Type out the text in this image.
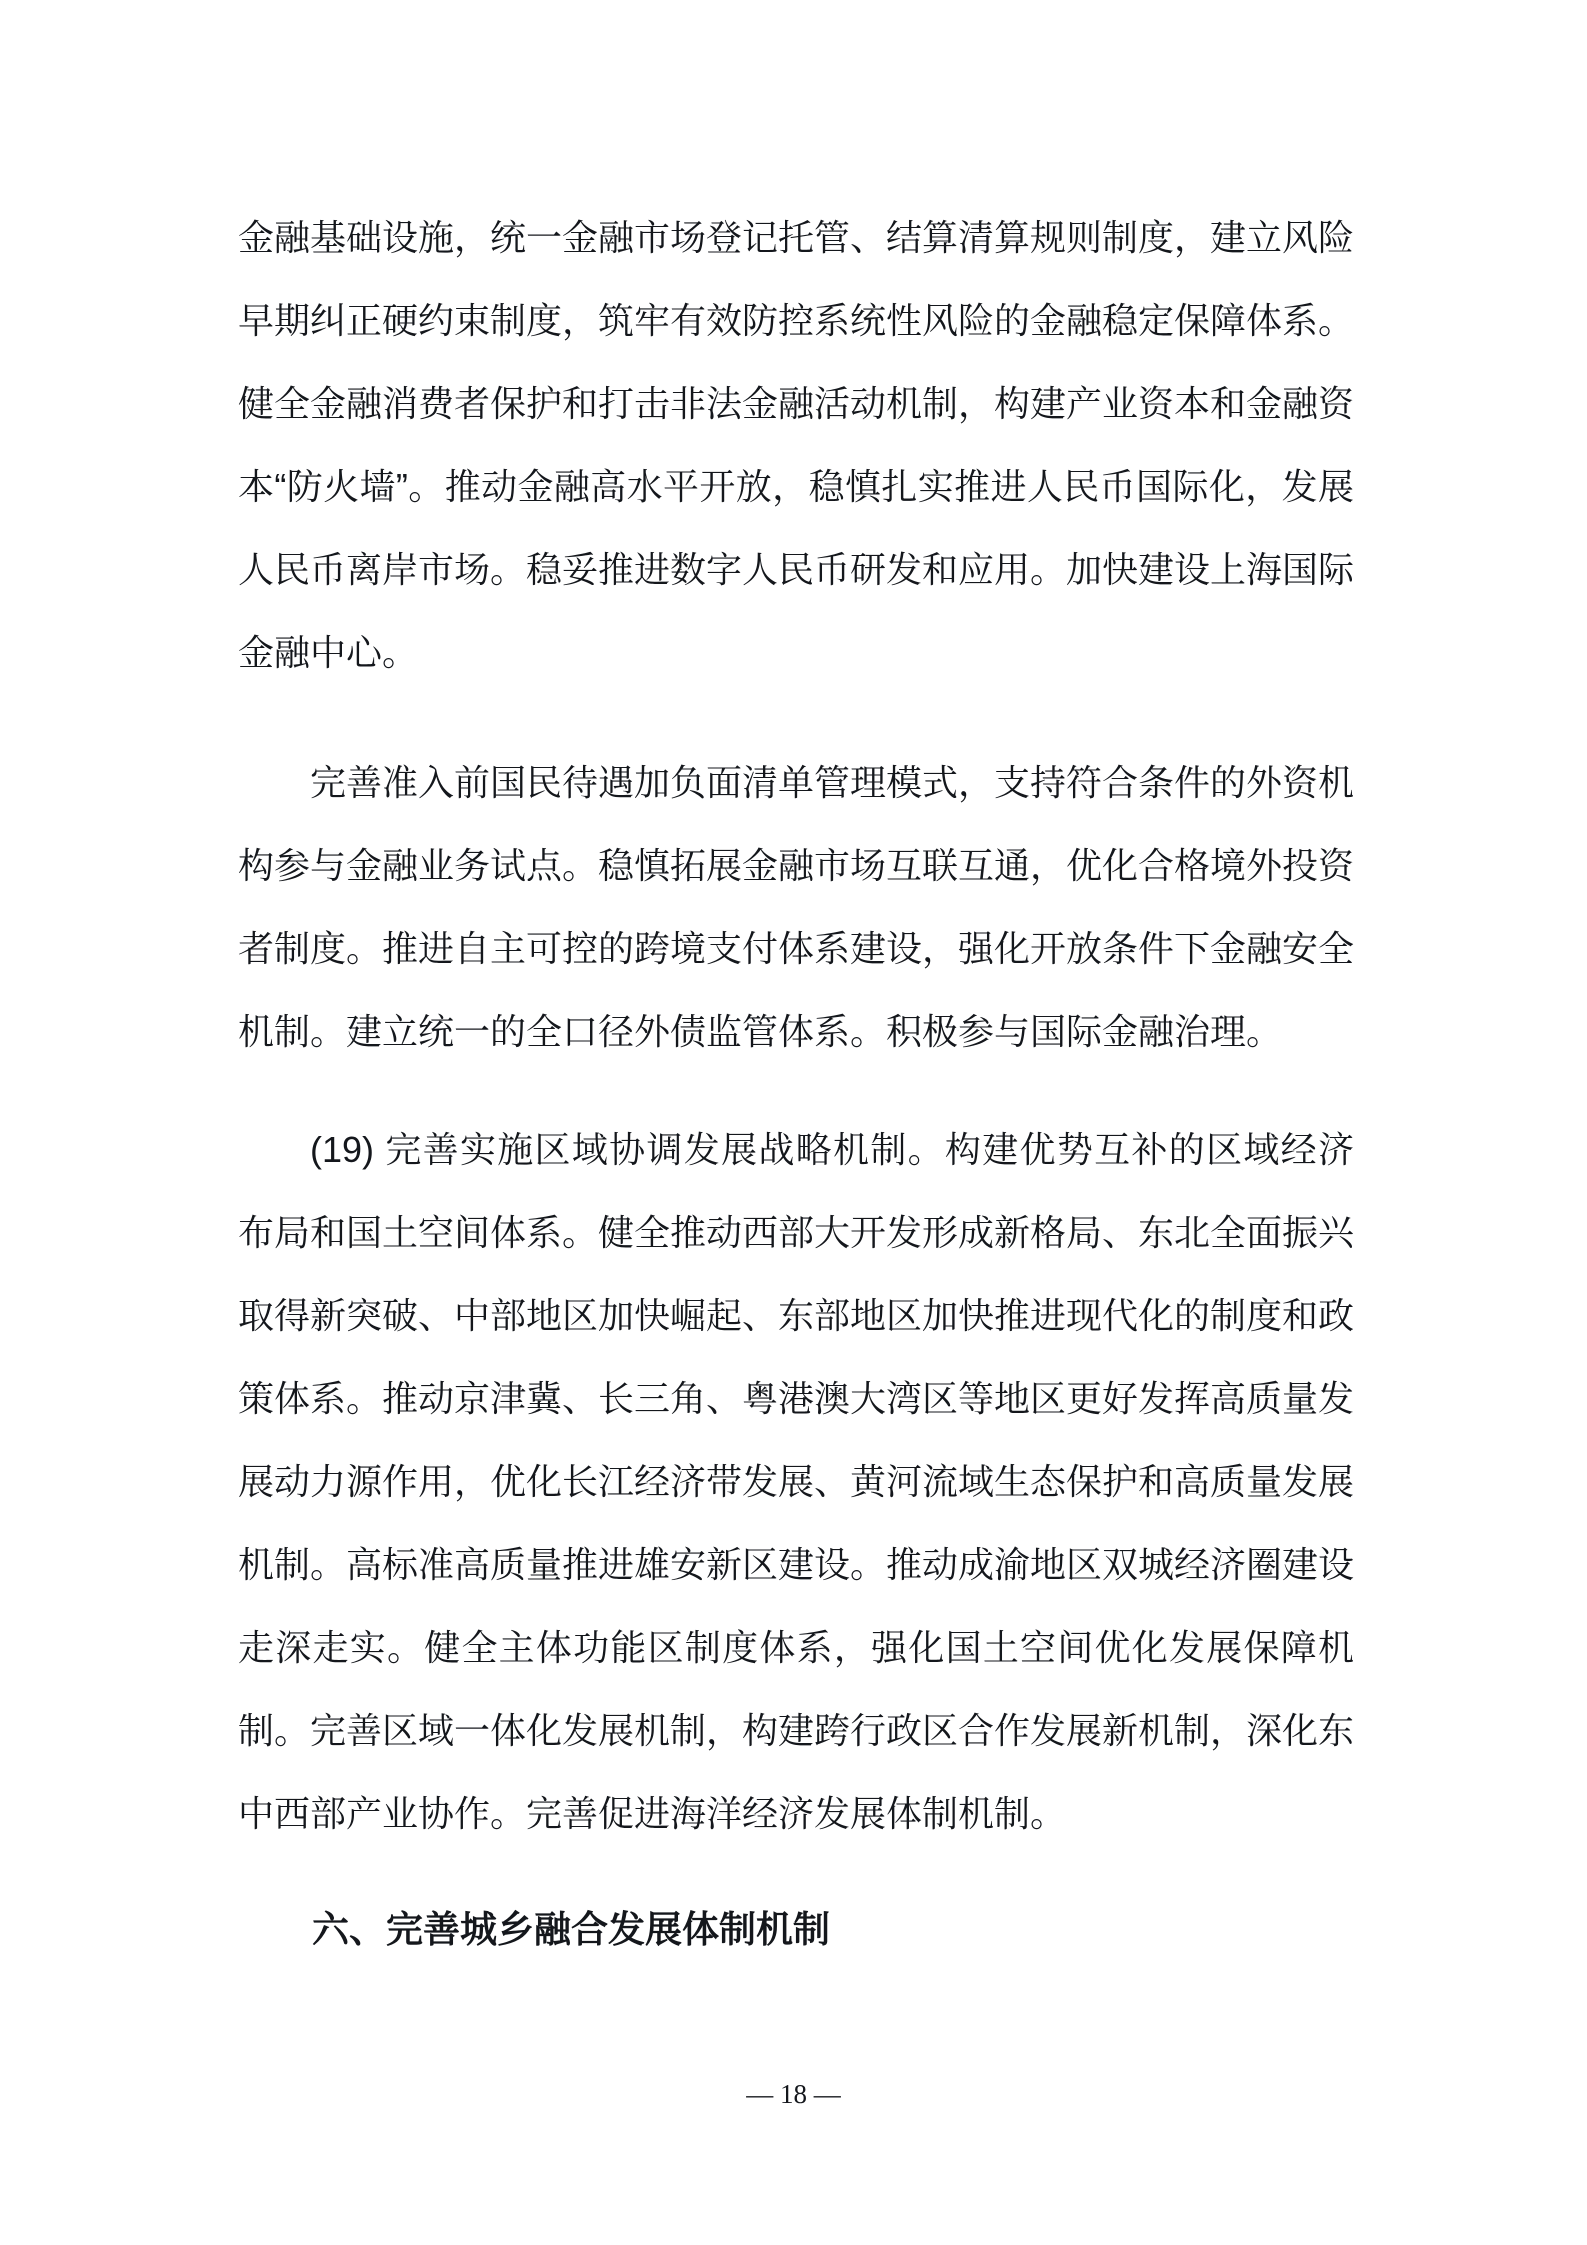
金融基础设施，统一金融市场登记托管、结算清算规则制度，建立风险早期纠正硬约束制度，筑牢有效防控系统性风险的金融稳定保障体系。健全金融消费者保护和打击非法金融活动机制，构建产业资本和金融资本“防火墙”。推动金融高水平开放，稳慎扎实推进人民币国际化，发展人民币离岸市场。稳妥推进数字人民币研发和应用。加快建设上海国际金融中心。

完善准入前国民待遇加负面清单管理模式，支持符合条件的外资机构参与金融业务试点。稳慎拓展金融市场互联互通，优化合格境外投资者制度。推进自主可控的跨境支付体系建设，强化开放条件下金融安全机制。建立统一的全口径外债监管体系。积极参与国际金融治理。

(19) 完善实施区域协调发展战略机制。构建优势互补的区域经济布局和国土空间体系。健全推动西部大开发形成新格局、东北全面振兴取得新突破、中部地区加快崛起、东部地区加快推进现代化的制度和政策体系。推动京津冀、长三角、粤港澳大湾区等地区更好发挥高质量发展动力源作用，优化长江经济带发展、黄河流域生态保护和高质量发展机制。高标准高质量推进雄安新区建设。推动成渝地区双城经济圈建设走深走实。健全主体功能区制度体系，强化国土空间优化发展保障机制。完善区域一体化发展机制，构建跨行政区合作发展新机制，深化东中西部产业协作。完善促进海洋经济发展体制机制。

六、完善城乡融合发展体制机制
— 18 —
